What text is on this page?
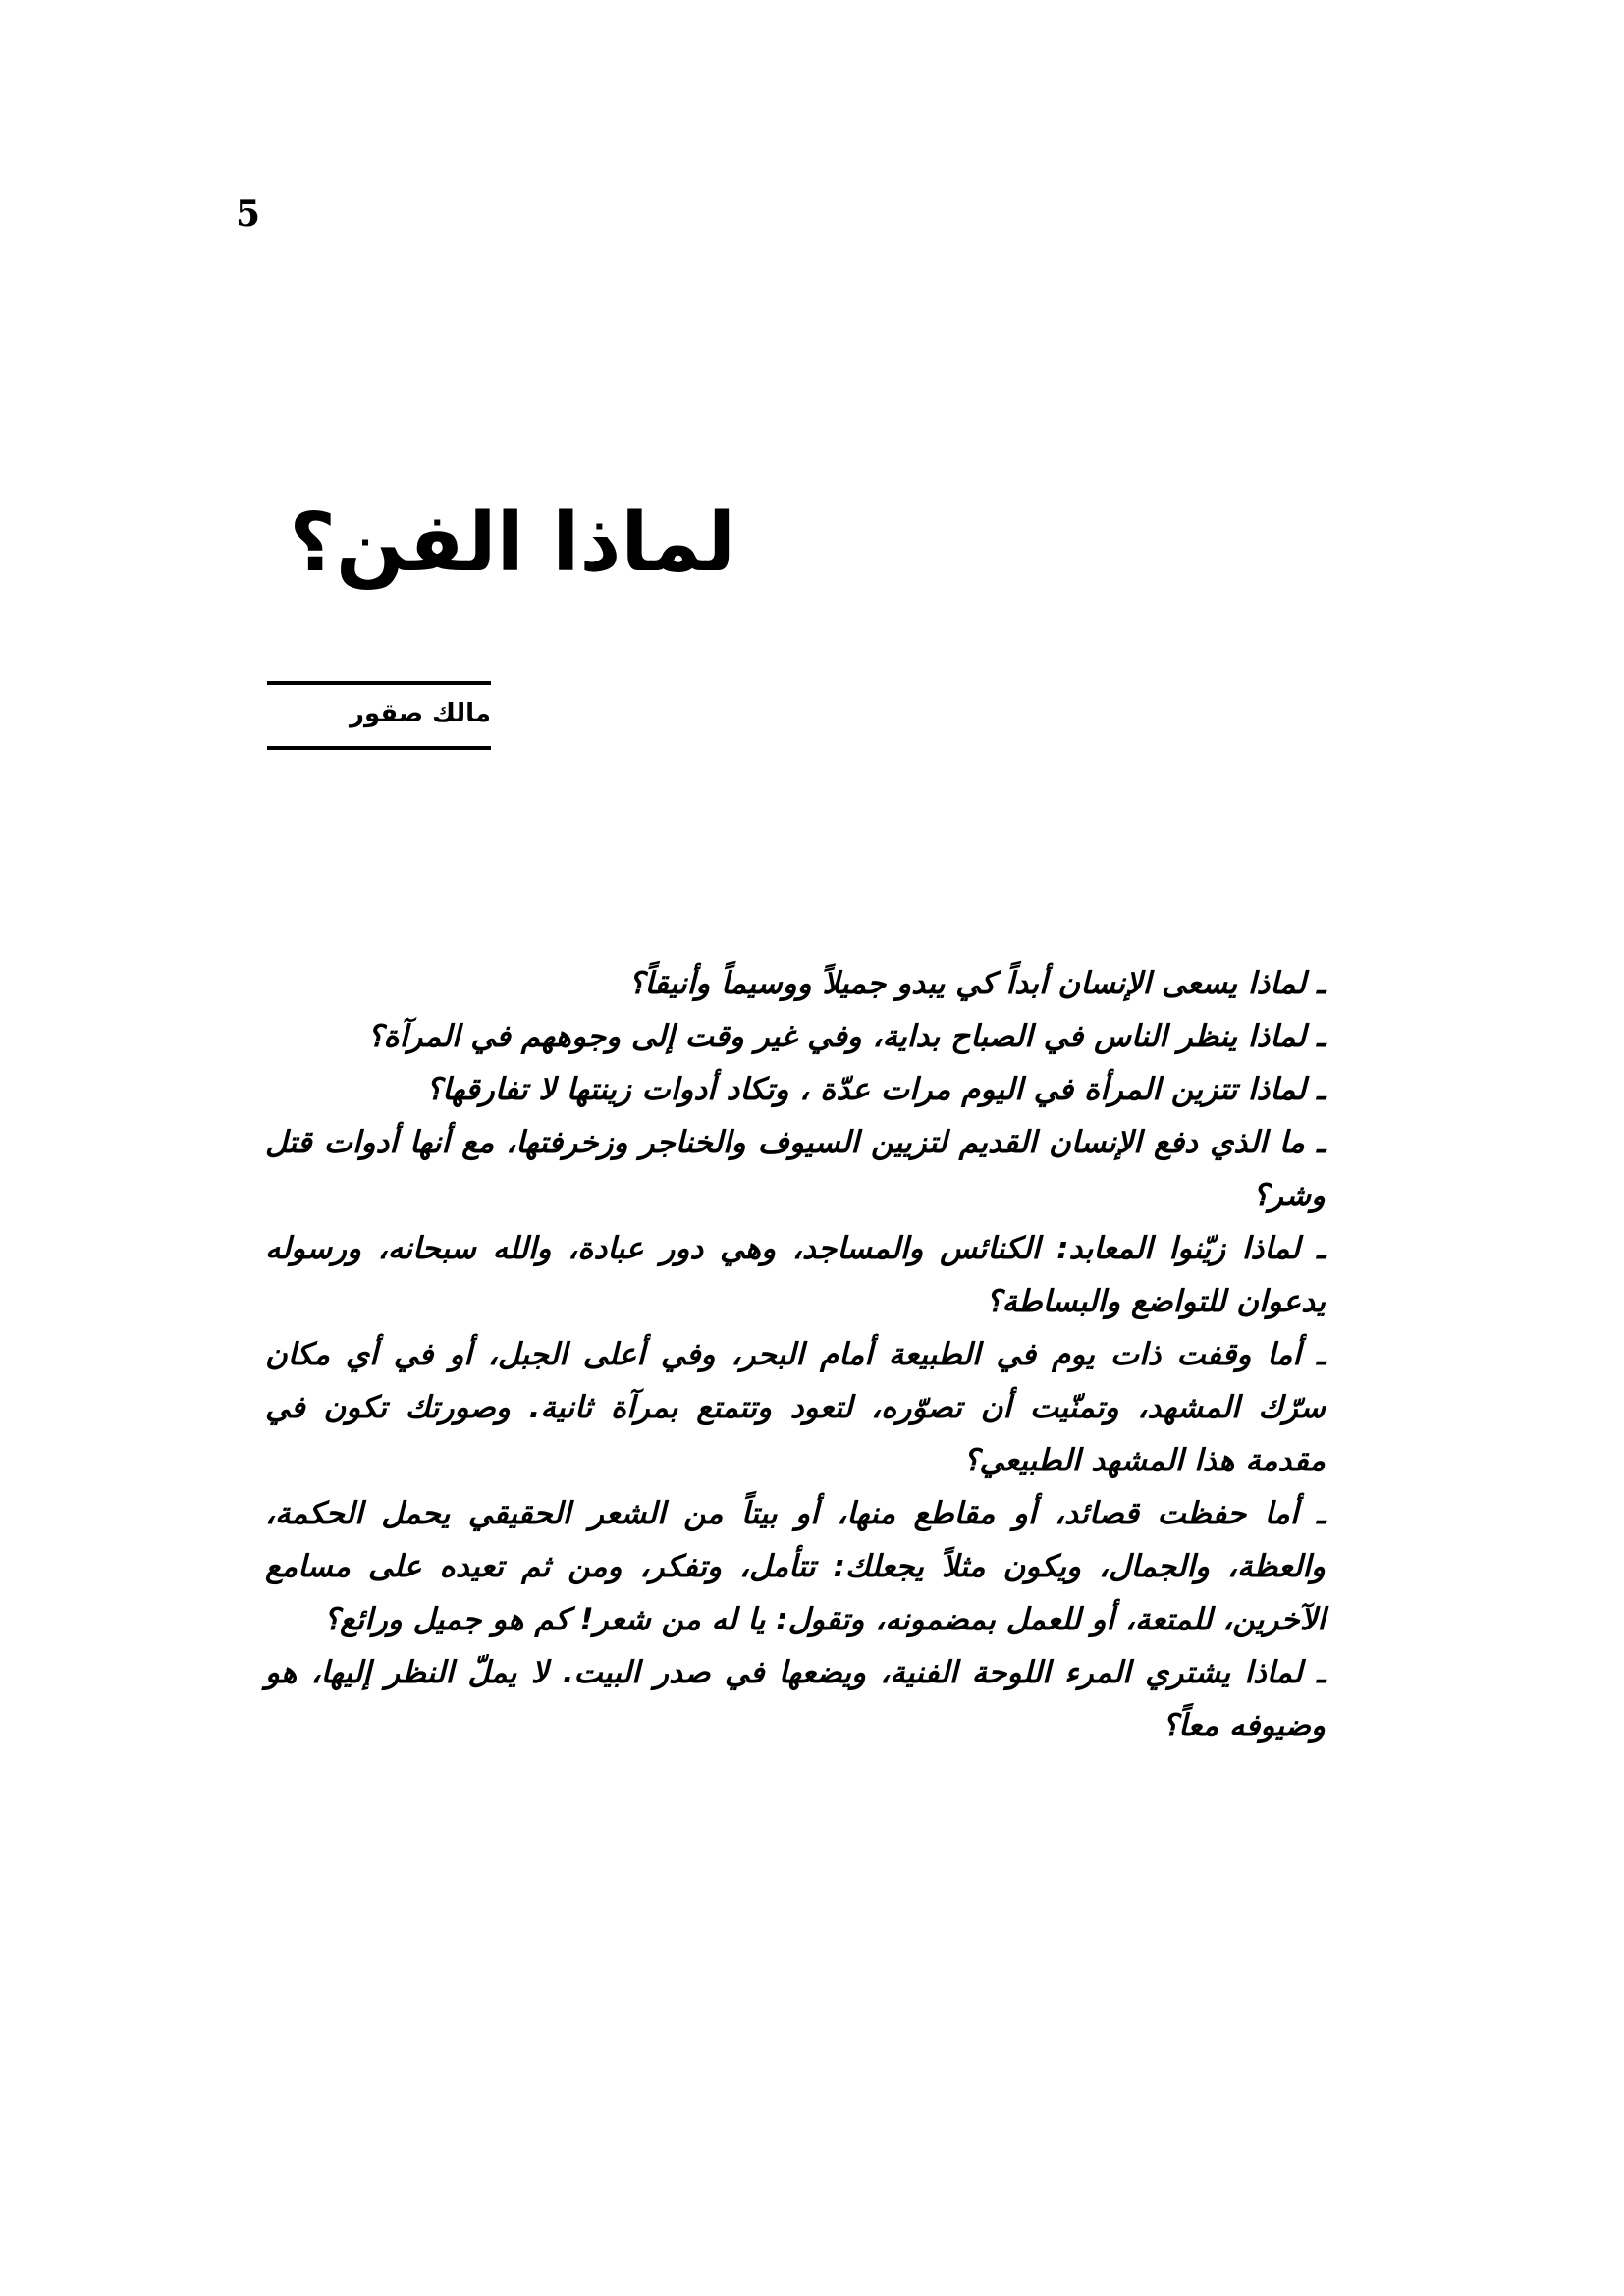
5
لماذا الفن؟
مالك صقور

ـ لماذا يسعى الإنسان أبداً كي يبدو جميلاً ووسيماً وأنيقاً؟

ـ لماذا ينظر الناس في الصباح بداية، وفي غير وقت إلى وجوههم في المرآة؟

ـ لماذا تتزين المرأة في اليوم مرات عدّة ، وتكاد أدوات زينتها لا تفارقها؟

ـ ما الذي دفع الإنسان القديم لتزيين السيوف والخناجر وزخرفتها، مع أنها أدوات قتل وشر؟

ـ لماذا زيّنوا المعابد: الكنائس والمساجد، وهي دور عبادة، والله سبحانه، ورسوله يدعوان للتواضع والبساطة؟

ـ أما وقفت ذات يوم في الطبيعة أمام البحر، وفي أعلى الجبل، أو في أي مكان سرّك المشهد، وتمنّيت أن تصوّره، لتعود وتتمتع بمرآة ثانية. وصورتك تكون في مقدمة هذا المشهد الطبيعي؟

ـ أما حفظت قصائد، أو مقاطع منها، أو بيتاً من الشعر الحقيقي يحمل الحكمة، والعظة، والجمال، ويكون مثلاً يجعلك: تتأمل، وتفكر، ومن ثم تعيده على مسامع الآخرين، للمتعة، أو للعمل بمضمونه، وتقول: يا له من شعر! كم هو جميل ورائع؟

ـ لماذا يشتري المرء اللوحة الفنية، ويضعها في صدر البيت. لا يملّ النظر إليها، هو وضيوفه معاً؟
